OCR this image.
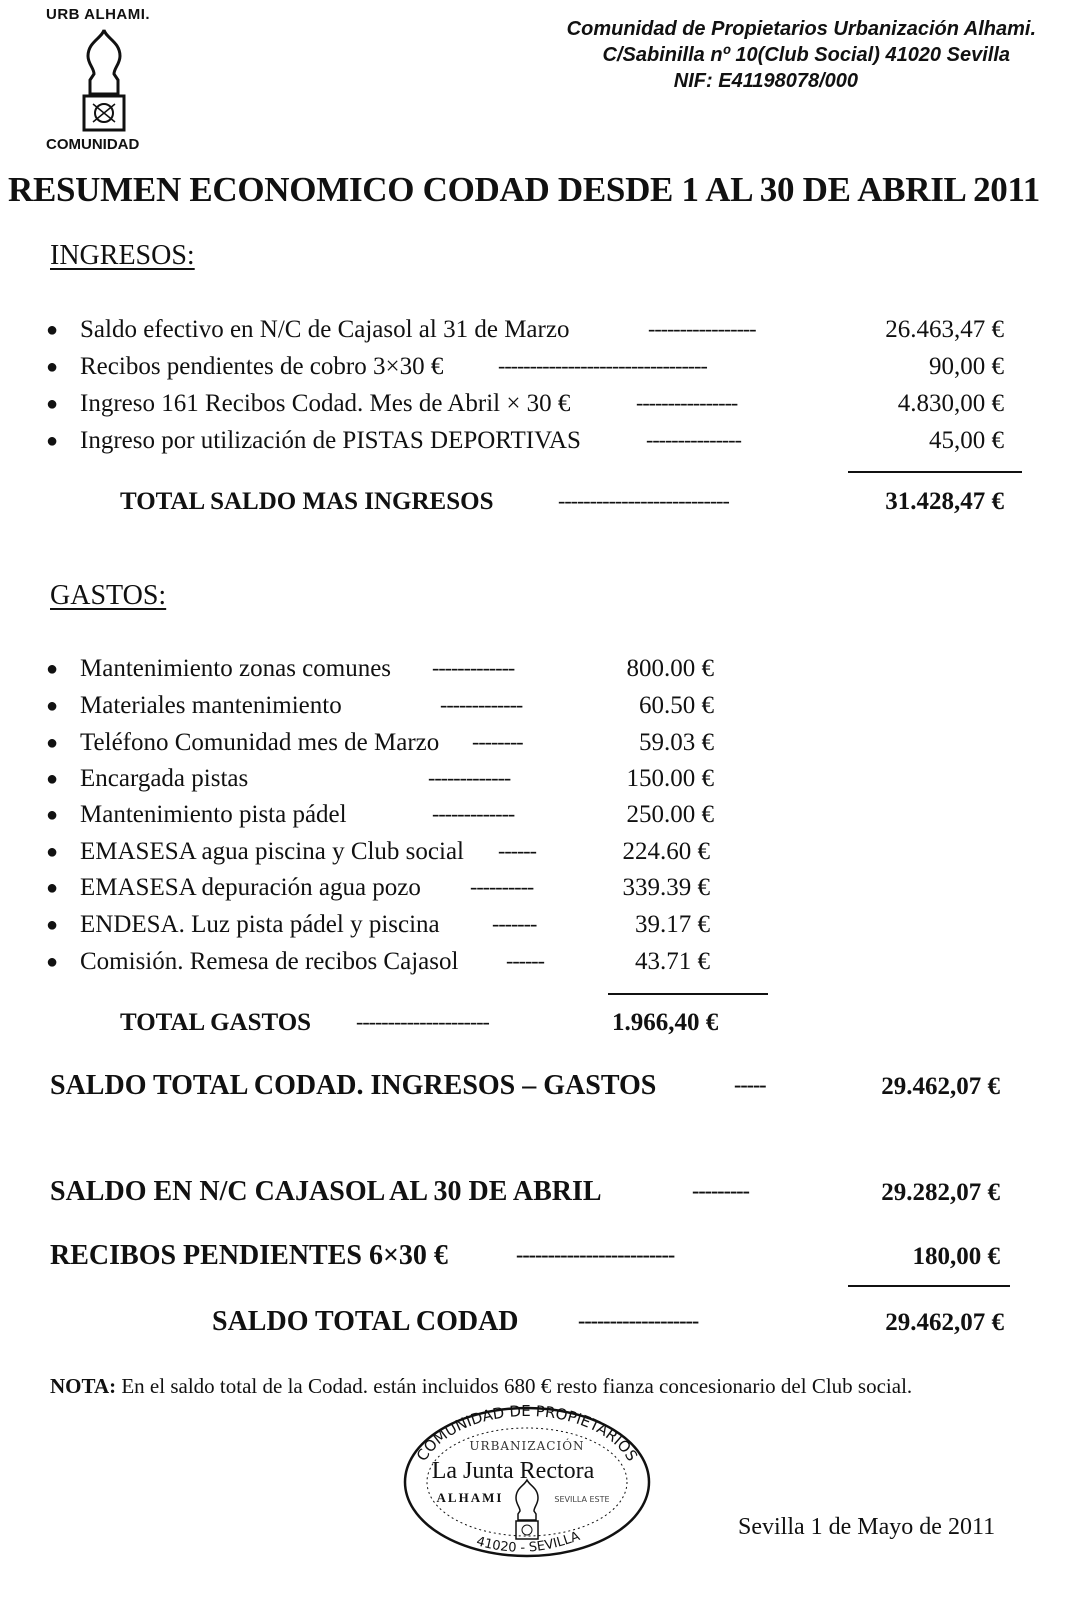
URB ALHAMI.
COMUNIDAD
Comunidad de Propietarios Urbanización Alhami.
C/Sabinilla nº 10(Club Social) 41020 Sevilla
NIF: E41198078/000
RESUMEN ECONOMICO CODAD DESDE 1 AL 30 DE ABRIL 2011
INGRESOS:
● Saldo efectivo en N/C de Cajasol al 31 de Marzo	-----------------	26.463,47 €
● Recibos pendientes de cobro 3×30 € ---------------------------------	90,00 €
● Ingreso 161 Recibos Codad. Mes de Abril × 30 €	----------------	4.830,00 €
● Ingreso por utilización de PISTAS DEPORTIVAS	---------------	45,00 €
TOTAL SALDO MAS INGRESOS	---------------------------	31.428,47 €
GASTOS:
● Mantenimiento zonas comunes -------------	800.00 €
● Materiales mantenimiento	-------------	60.50 €
● Teléfono Comunidad mes de Marzo --------	59.03 €
● Encargada pistas	-------------	150.00 €
● Mantenimiento pista pádel	-------------	250.00 €
● EMASESA agua piscina y Club social ------	224.60 €
● EMASESA depuración agua pozo ----------	339.39 €
● ENDESA. Luz pista pádel y piscina -------	39.17 €
● Comisión. Remesa de recibos Cajasol ------	43.71 €
TOTAL GASTOS ---------------------	1.966,40 €
SALDO TOTAL CODAD. INGRESOS – GASTOS	-----	29.462,07 €
SALDO EN N/C CAJASOL AL 30 DE ABRIL	---------	29.282,07 €
RECIBOS PENDIENTES 6×30 €	-------------------------	180,00 €
SALDO TOTAL CODAD	-------------------	29.462,07 €
NOTA: En el saldo total de la Codad. están incluidos 680 € resto fianza concesionario del Club social.
COMUNIDAD DE PROPIETARIOS
URBANIZACIÓN
La Junta Rectora
ALHAMI	SEVILLA ESTE
41020 - SEVILLA	Sevilla 1 de Mayo de 2011
